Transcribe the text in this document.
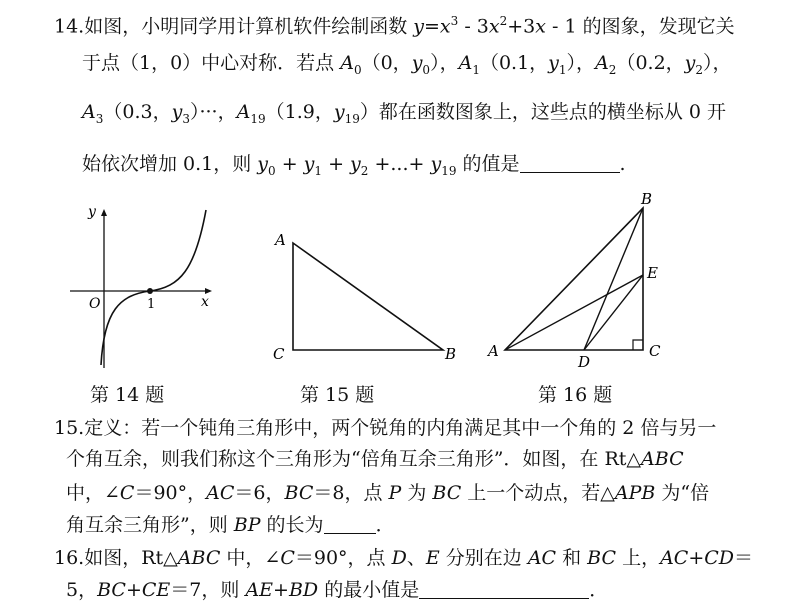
14.如图，小明同学用计算机软件绘制函数 $y=x^3 - 3x^2+3x - 1$ 的图象，发现它关
于点（1，0）中心对称．若点 $A_0(0$，$y_0$），$A_1(0.1$，$y_1$），$A_2(0.2$，$y_2$），
$A_3(0.3$，$y_3)\cdot\cdot\cdot$，$A_{19}(1.9$，$y_{19}$）都在函数图象上，这些点的横坐标从 0 开
始依次增加 0.1，则 $y_0 + y_1 + y_2$ +...+ $y_{19}$ 的值是	.
y
x
O	1
第 14 题
A
C	B
第 15 题
B
E
A
D
C
第 16 题
15.定义：若一个钝角三角形中，两个锐角的内角满足其中一个角的 2 倍与另一
个角互余，则我们称这个三角形为“倍角互余三角形”．如图，在 Rt△ABC
中，∠C＝90°，AC＝6，BC＝8，点 P 为 BC 上一个动点，若△APB 为“倍
角互余三角形”，则 BP 的长为	．
16.如图，Rt△ABC 中，∠C＝90°，点 D、E 分别在边 AC 和 BC 上，AC+CD＝
5，BC+CE＝7，则 AE+BD 的最小值是	．
